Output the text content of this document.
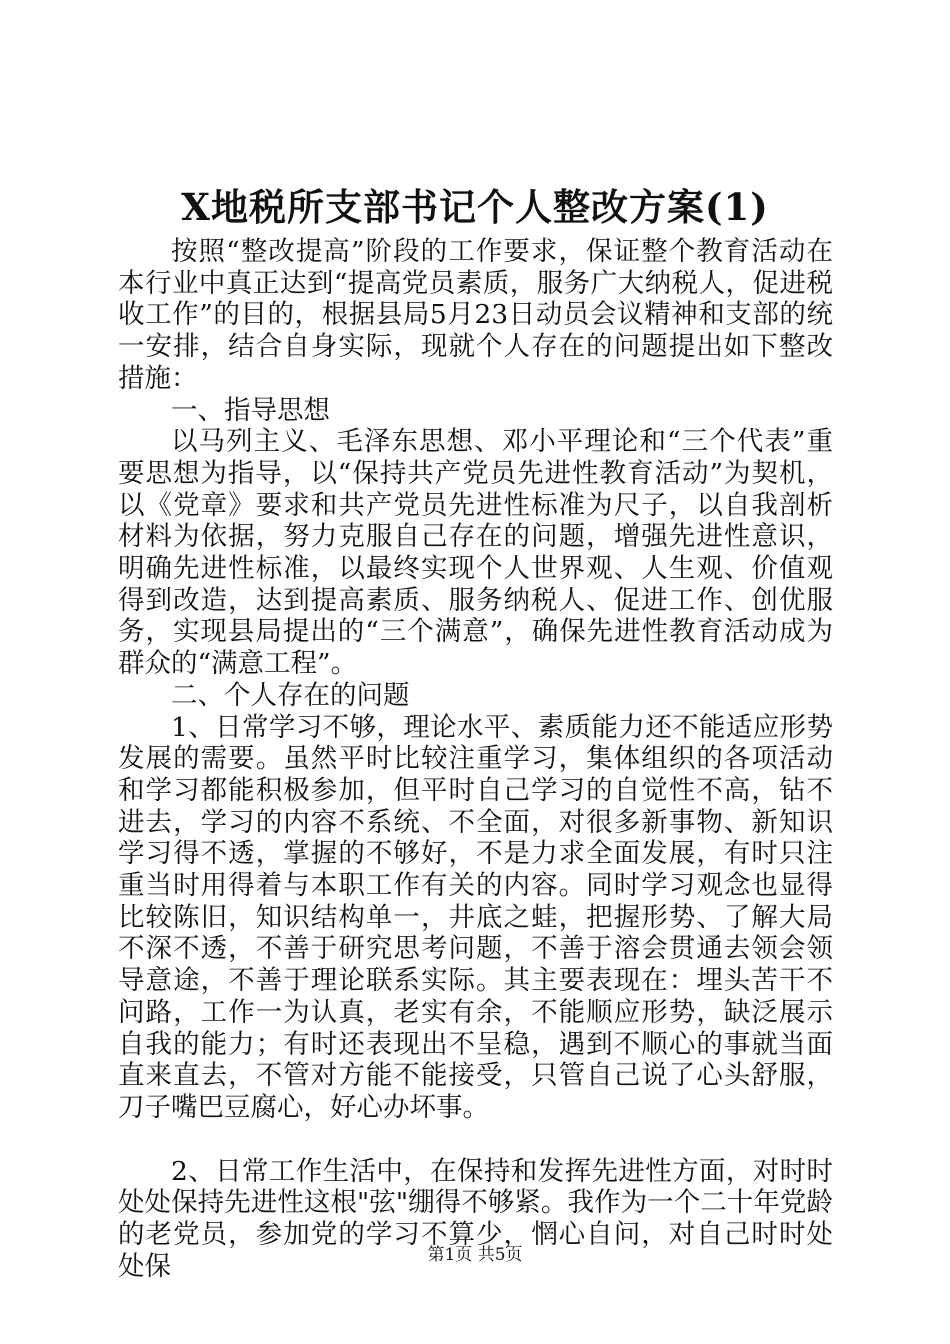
X地税所支部书记个人整改方案(1)

按照“整改提高”阶段的工作要求，保证整个教育活动在本行业中真正达到“提高党员素质，服务广大纳税人，促进税收工作”的目的，根据县局5月23日动员会议精神和支部的统一安排，结合自身实际，现就个人存在的问题提出如下整改措施：

一、指导思想

以马列主义、毛泽东思想、邓小平理论和“三个代表”重要思想为指导，以“保持共产党员先进性教育活动”为契机，以《党章》要求和共产党员先进性标准为尺子，以自我剖析材料为依据，努力克服自己存在的问题，增强先进性意识，明确先进性标准，以最终实现个人世界观、人生观、价值观得到改造，达到提高素质、服务纳税人、促进工作、创优服务，实现县局提出的“三个满意”，确保先进性教育活动成为群众的“满意工程”。

二、个人存在的问题

1、日常学习不够，理论水平、素质能力还不能适应形势发展的需要。虽然平时比较注重学习，集体组织的各项活动和学习都能积极参加，但平时自己学习的自觉性不高，钻不进去，学习的内容不系统、不全面，对很多新事物、新知识学习得不透，掌握的不够好，不是力求全面发展，有时只注重当时用得着与本职工作有关的内容。同时学习观念也显得比较陈旧，知识结构单一，井底之蛙，把握形势、了解大局不深不透，不善于研究思考问题，不善于溶会贯通去领会领导意途，不善于理论联系实际。其主要表现在：埋头苦干不问路，工作一为认真，老实有余，不能顺应形势，缺泛展示自我的能力；有时还表现出不呈稳，遇到不顺心的事就当面直来直去，不管对方能不能接受，只管自己说了心头舒服，刀子嘴巴豆腐心，好心办坏事。

2、日常工作生活中，在保持和发挥先进性方面，对时时处处保持先进性这根"弦"绷得不够紧。我作为一个二十年党龄的老党员，参加党的学习不算少，惘心自问，对自己时时处处保	第1页 共5页
